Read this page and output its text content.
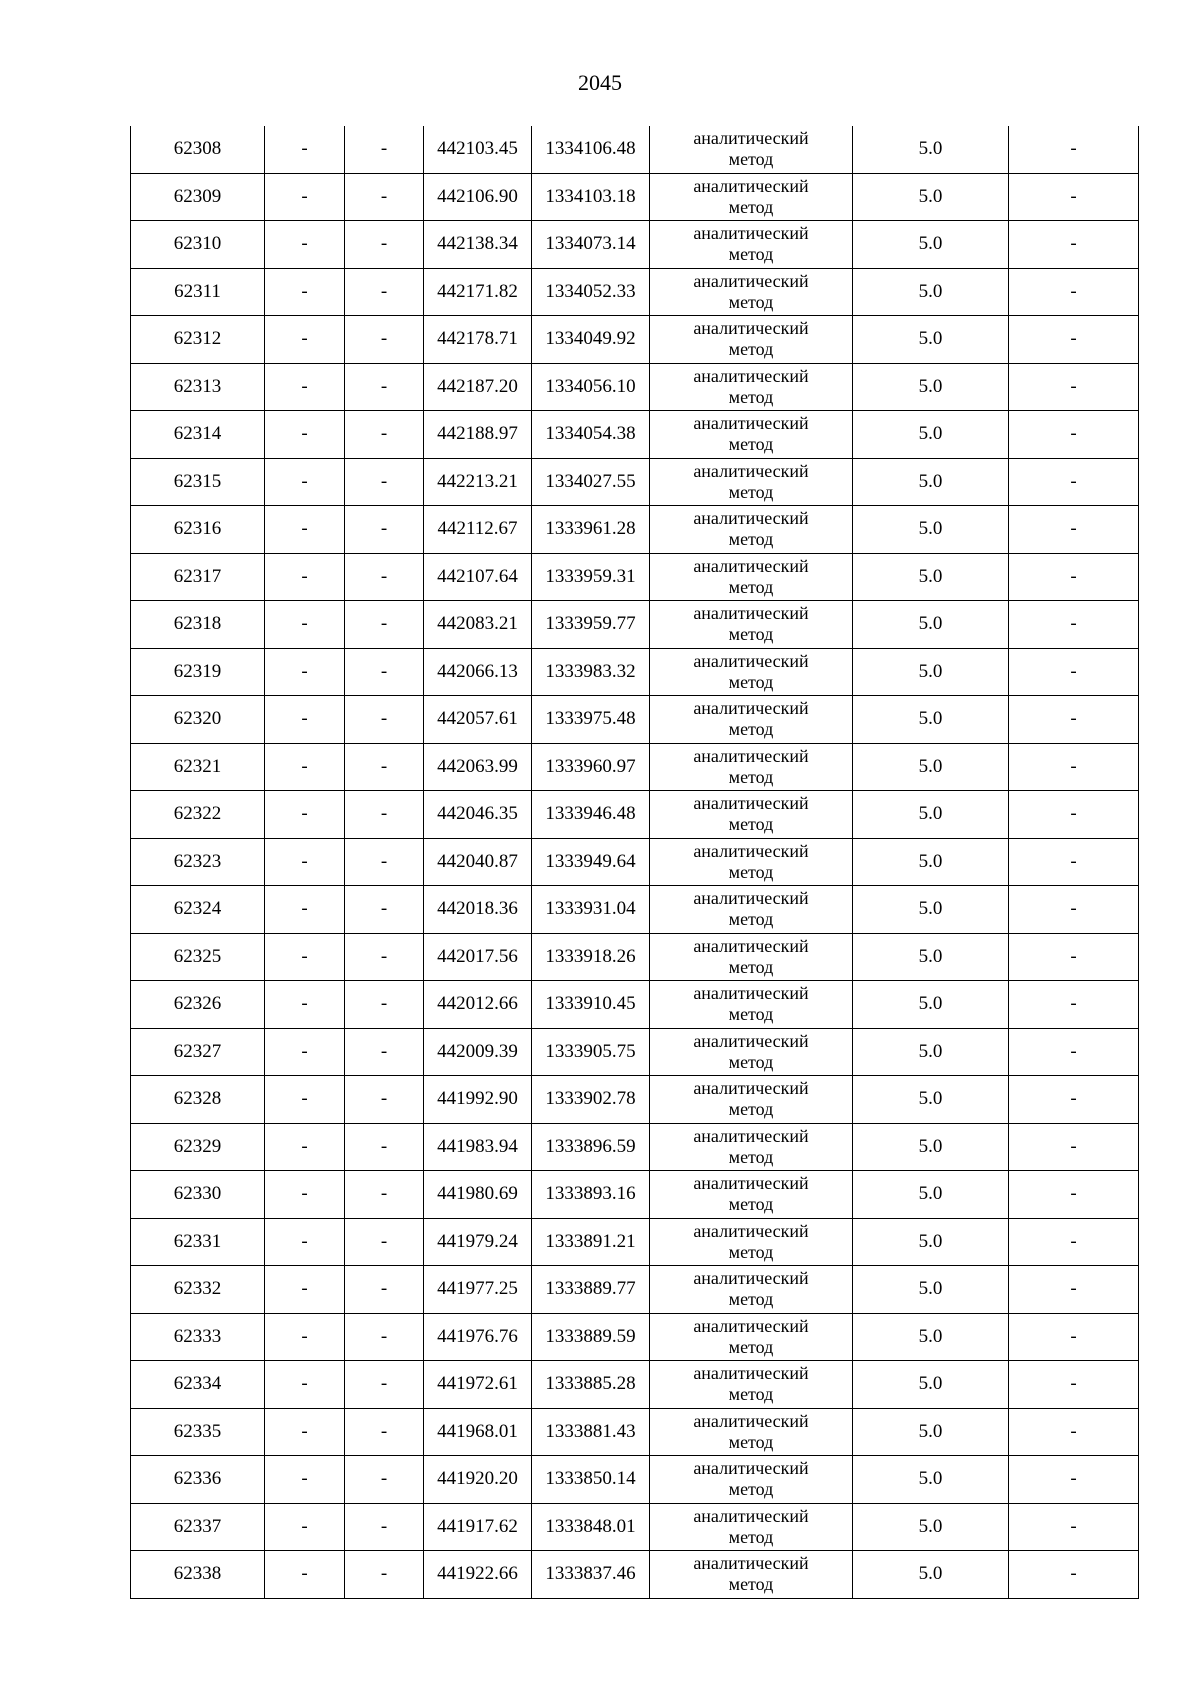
2045
62308	-	-	442103.45	1334106.48	аналитический
метод	5.0	-
62309	-	-	442106.90	1334103.18	аналитический
метод	5.0	-
62310	-	-	442138.34	1334073.14	аналитический
метод	5.0	-
62311	-	-	442171.82	1334052.33	аналитический
метод	5.0	-
62312	-	-	442178.71	1334049.92	аналитический
метод	5.0	-
62313	-	-	442187.20	1334056.10	аналитический
метод	5.0	-
62314	-	-	442188.97	1334054.38	аналитический
метод	5.0	-
62315	-	-	442213.21	1334027.55	аналитический
метод	5.0	-
62316	-	-	442112.67	1333961.28	аналитический
метод	5.0	-
62317	-	-	442107.64	1333959.31	аналитический
метод	5.0	-
62318	-	-	442083.21	1333959.77	аналитический
метод	5.0	-
62319	-	-	442066.13	1333983.32	аналитический
метод	5.0	-
62320	-	-	442057.61	1333975.48	аналитический
метод	5.0	-
62321	-	-	442063.99	1333960.97	аналитический
метод	5.0	-
62322	-	-	442046.35	1333946.48	аналитический
метод	5.0	-
62323	-	-	442040.87	1333949.64	аналитический
метод	5.0	-
62324	-	-	442018.36	1333931.04	аналитический
метод	5.0	-
62325	-	-	442017.56	1333918.26	аналитический
метод	5.0	-
62326	-	-	442012.66	1333910.45	аналитический
метод	5.0	-
62327	-	-	442009.39	1333905.75	аналитический
метод	5.0	-
62328	-	-	441992.90	1333902.78	аналитический
метод	5.0	-
62329	-	-	441983.94	1333896.59	аналитический
метод	5.0	-
62330	-	-	441980.69	1333893.16	аналитический
метод	5.0	-
62331	-	-	441979.24	1333891.21	аналитический
метод	5.0	-
62332	-	-	441977.25	1333889.77	аналитический
метод	5.0	-
62333	-	-	441976.76	1333889.59	аналитический
метод	5.0	-
62334	-	-	441972.61	1333885.28	аналитический
метод	5.0	-
62335	-	-	441968.01	1333881.43	аналитический
метод	5.0	-
62336	-	-	441920.20	1333850.14	аналитический
метод	5.0	-
62337	-	-	441917.62	1333848.01	аналитический
метод	5.0	-
62338	-	-	441922.66	1333837.46	аналитический
метод	5.0	-
